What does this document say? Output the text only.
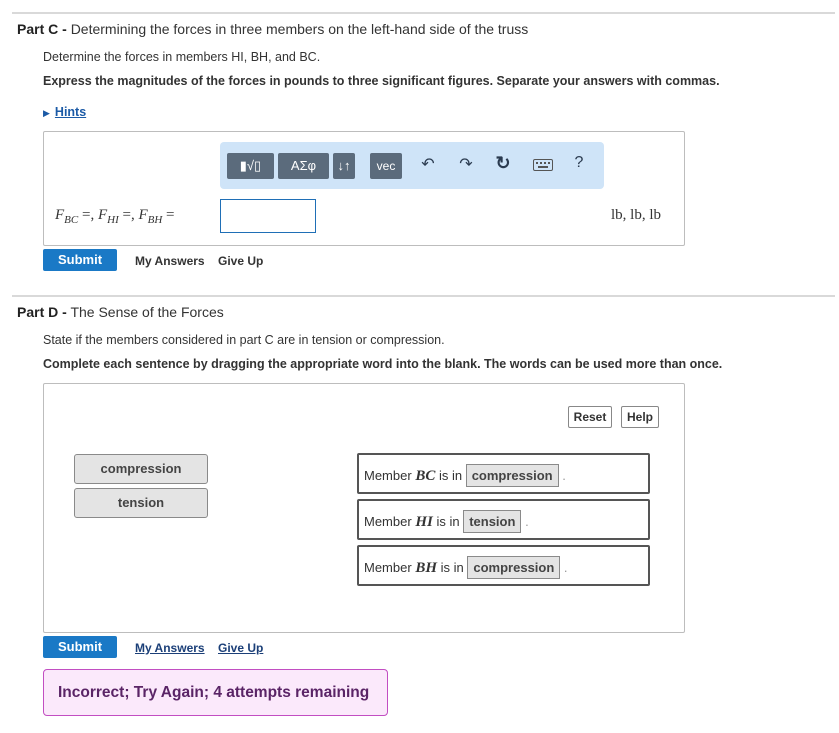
Part C - Determining the forces in three members on the left-hand side of the truss
Determine the forces in members HI, BH, and BC.
Express the magnitudes of the forces in pounds to three significant figures. Separate your answers with commas.
▶ Hints
▮√▯	ΑΣφ	↓↑	vec	↶ ↷ ↻	?
$F_{BC}$ =, $F_{HI}$ =, $F_{BH}$ =	lb, lb, lb
Submit	My Answers Give Up
Part D - The Sense of the Forces
State if the members considered in part C are in tension or compression.
Complete each sentence by dragging the appropriate word into the blank. The words can be used more than once.
Reset	Help
compression
tension
Member BC is in compression .
Member HI is in tension .
Member BH is in compression .
Submit	My Answers Give Up
Incorrect; Try Again; 4 attempts remaining
